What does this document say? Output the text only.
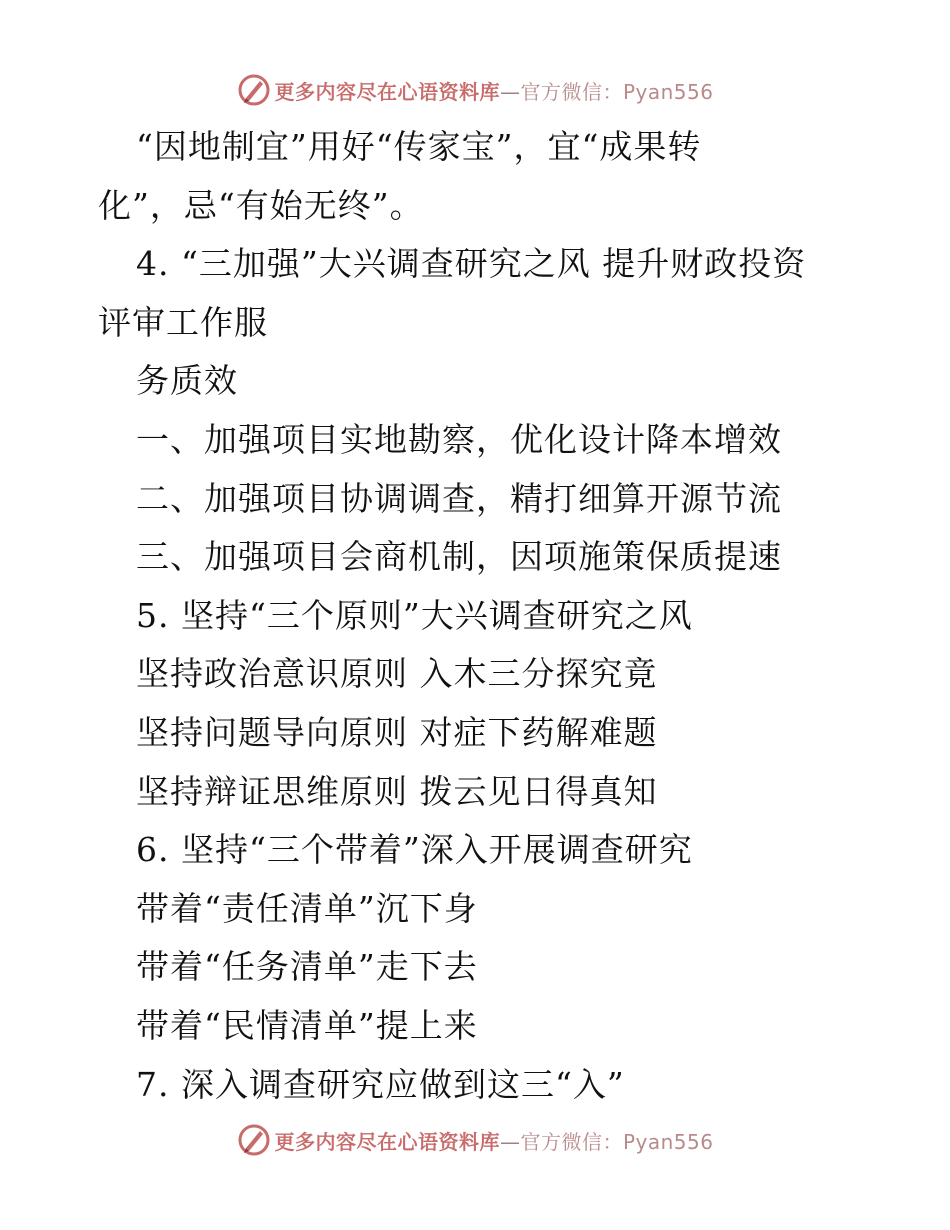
更多内容尽在心语资料库—官方微信：Pyan556
“因地制宜”用好“传家宝”，宜“成果转
化”，忌“有始无终”。
4. “三加强”大兴调查研究之风 提升财政投资
评审工作服
务质效
一、加强项目实地勘察，优化设计降本增效
二、加强项目协调调查，精打细算开源节流
三、加强项目会商机制，因项施策保质提速
5. 坚持“三个原则”大兴调查研究之风
坚持政治意识原则 入木三分探究竟
坚持问题导向原则 对症下药解难题
坚持辩证思维原则 拨云见日得真知
6. 坚持“三个带着”深入开展调查研究
带着“责任清单”沉下身
带着“任务清单”走下去
带着“民情清单”提上来
7. 深入调查研究应做到这三“入”
更多内容尽在心语资料库—官方微信：Pyan556
